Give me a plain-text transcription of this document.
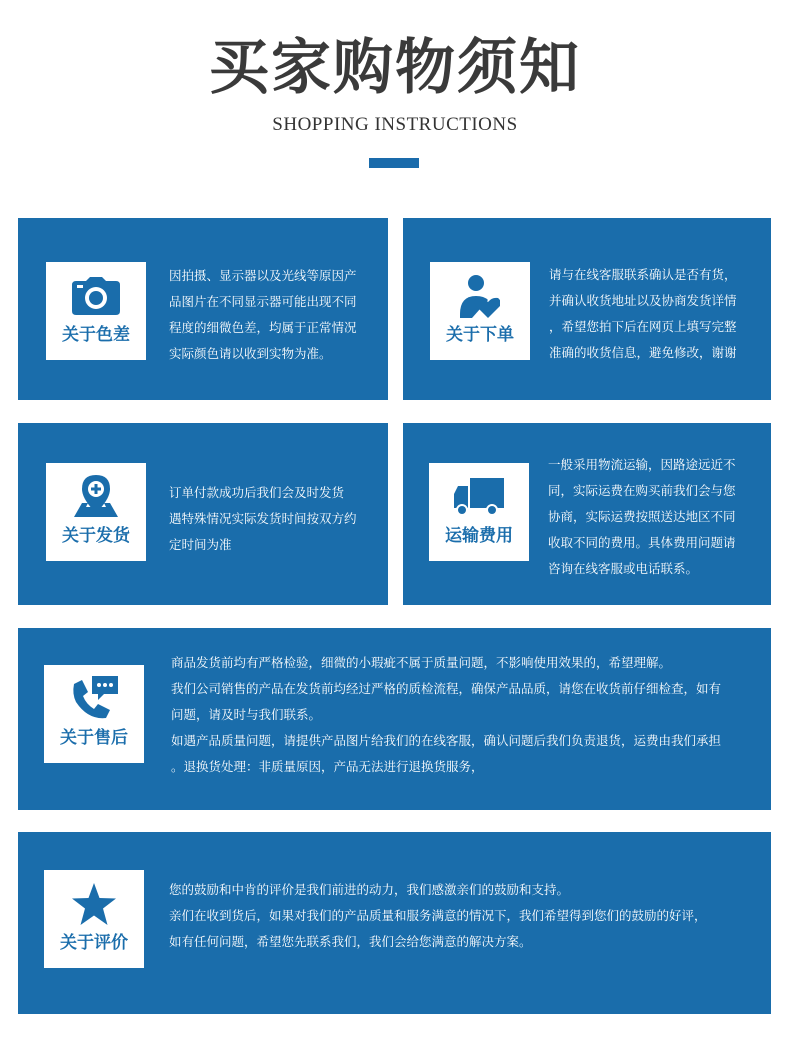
买家购物须知
SHOPPING INSTRUCTIONS
关于色差

因拍摄、显示器以及光线等原因产

品图片在不同显示器可能出现不同

程度的细微色差，均属于正常情况

实际颜色请以收到实物为准。

关于下单

请与在线客服联系确认是否有货，

并确认收货地址以及协商发货详情

，希望您拍下后在网页上填写完整

准确的收货信息，避免修改，谢谢

关于发货

订单付款成功后我们会及时发货

遇特殊情况实际发货时间按双方约

定时间为准	运输费用

一般采用物流运输，因路途远近不

同，实际运费在购买前我们会与您

协商，实际运费按照送达地区不同

收取不同的费用。具体费用问题请

咨询在线客服或电话联系。

关于售后

商品发货前均有严格检验，细微的小瑕疵不属于质量问题，不影响使用效果的，希望理解。

我们公司销售的产品在发货前均经过严格的质检流程，确保产品品质，请您在收货前仔细检查，如有

问题，请及时与我们联系。

如遇产品质量问题，请提供产品图片给我们的在线客服，确认问题后我们负责退货，运费由我们承担

。退换货处理：非质量原因，产品无法进行退换货服务，

关于评价

您的鼓励和中肯的评价是我们前进的动力，我们感激亲们的鼓励和支持。

亲们在收到货后，如果对我们的产品质量和服务满意的情况下，我们希望得到您们的鼓励的好评，

如有任何问题，希望您先联系我们，我们会给您满意的解决方案。
